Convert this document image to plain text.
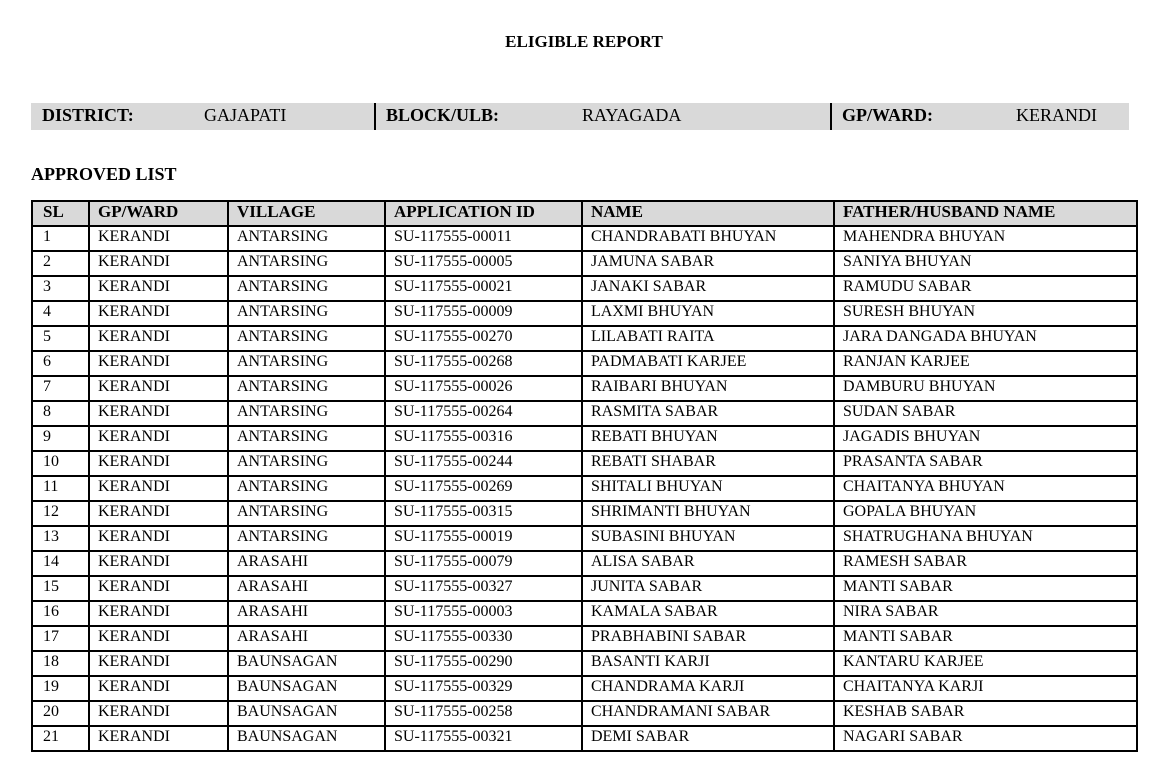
ELIGIBLE REPORT
DISTRICT:	GAJAPATI	BLOCK/ULB:	RAYAGADA	GP/WARD:	KERANDI
APPROVED LIST
SL	GP/WARD	VILLAGE	APPLICATION ID	NAME	FATHER/HUSBAND NAME
1	KERANDI	ANTARSING	SU-117555-00011	CHANDRABATI BHUYAN	MAHENDRA BHUYAN
2	KERANDI	ANTARSING	SU-117555-00005	JAMUNA SABAR	SANIYA BHUYAN
3	KERANDI	ANTARSING	SU-117555-00021	JANAKI SABAR	RAMUDU SABAR
4	KERANDI	ANTARSING	SU-117555-00009	LAXMI BHUYAN	SURESH BHUYAN
5	KERANDI	ANTARSING	SU-117555-00270	LILABATI RAITA	JARA DANGADA BHUYAN
6	KERANDI	ANTARSING	SU-117555-00268	PADMABATI KARJEE	RANJAN KARJEE
7	KERANDI	ANTARSING	SU-117555-00026	RAIBARI BHUYAN	DAMBURU BHUYAN
8	KERANDI	ANTARSING	SU-117555-00264	RASMITA SABAR	SUDAN SABAR
9	KERANDI	ANTARSING	SU-117555-00316	REBATI BHUYAN	JAGADIS BHUYAN
10	KERANDI	ANTARSING	SU-117555-00244	REBATI SHABAR	PRASANTA SABAR
11	KERANDI	ANTARSING	SU-117555-00269	SHITALI BHUYAN	CHAITANYA BHUYAN
12	KERANDI	ANTARSING	SU-117555-00315	SHRIMANTI BHUYAN	GOPALA BHUYAN
13	KERANDI	ANTARSING	SU-117555-00019	SUBASINI BHUYAN	SHATRUGHANA BHUYAN
14	KERANDI	ARASAHI	SU-117555-00079	ALISA SABAR	RAMESH SABAR
15	KERANDI	ARASAHI	SU-117555-00327	JUNITA SABAR	MANTI SABAR
16	KERANDI	ARASAHI	SU-117555-00003	KAMALA SABAR	NIRA SABAR
17	KERANDI	ARASAHI	SU-117555-00330	PRABHABINI SABAR	MANTI SABAR
18	KERANDI	BAUNSAGAN	SU-117555-00290	BASANTI KARJI	KANTARU KARJEE
19	KERANDI	BAUNSAGAN	SU-117555-00329	CHANDRAMA KARJI	CHAITANYA KARJI
20	KERANDI	BAUNSAGAN	SU-117555-00258	CHANDRAMANI SABAR	KESHAB SABAR
21	KERANDI	BAUNSAGAN	SU-117555-00321	DEMI SABAR	NAGARI SABAR
